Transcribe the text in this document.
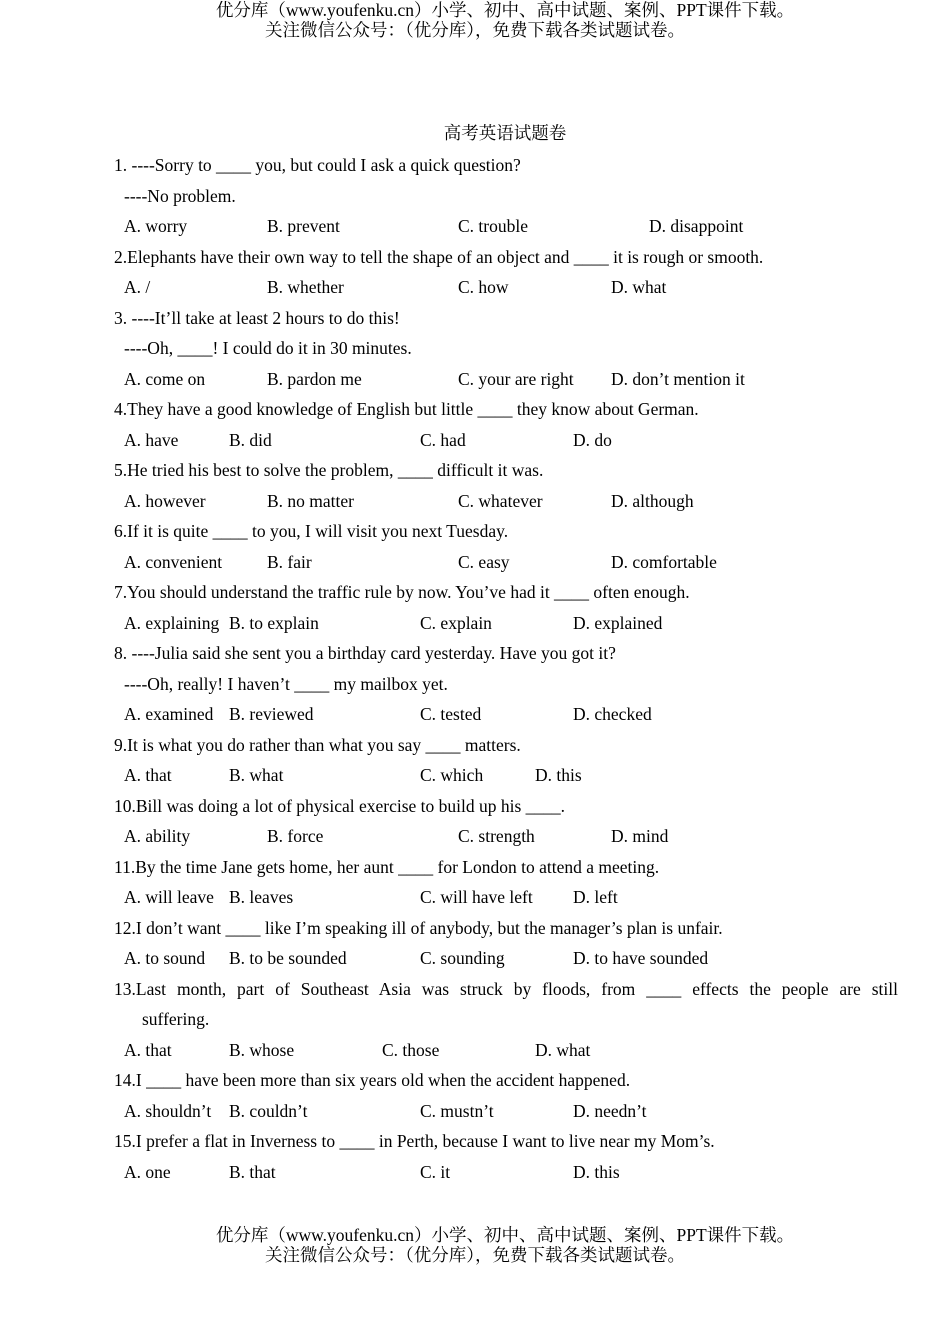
优分库（www.youfenku.cn）小学、初中、高中试题、案例、PPT课件下载。
关注微信公众号：（优分库），免费下载各类试题试卷。
高考英语试题卷
1. ----Sorry to ____ you, but could I ask a quick question?
----No problem.
A. worry	B. prevent	C. trouble	D. disappoint
2.Elephants have their own way to tell the shape of an object and ____ it is rough or smooth.
A. /	B. whether	C. how	D. what
3. ----It’ll take at least 2 hours to do this!
----Oh, ____! I could do it in 30 minutes.
A. come on	B. pardon me	C. your are right D. don’t mention it
4.They have a good knowledge of English but little ____ they know about German.
A. have	B. did	C. had	D. do
5.He tried his best to solve the problem, ____ difficult it was.
A. however	B. no matter	C. whatever	D. although
6.If it is quite ____ to you, I will visit you next Tuesday.
A. convenient	B. fair	C. easy	D. comfortable
7.You should understand the traffic rule by now. You’ve had it ____ often enough.
A. explaining B. to explain	C. explain	D. explained
8. ----Julia said she sent you a birthday card yesterday. Have you got it?
----Oh, really! I haven’t ____ my mailbox yet.
A. examined B. reviewed	C. tested	D. checked
9.It is what you do rather than what you say ____ matters.
A. that	B. what	C. which	D. this
10.Bill was doing a lot of physical exercise to build up his ____.
A. ability	B. force	C. strength	D. mind
11.By the time Jane gets home, her aunt ____ for London to attend a meeting.
A. will leave B. leaves	C. will have left D. left
12.I don’t want ____ like I’m speaking ill of anybody, but the manager’s plan is unfair.
A. to sound B. to be sounded	C. sounding	D. to have sounded
13.Last month, part of Southeast Asia was struck by floods, from ____ effects the people are still
suffering.
A. that	B. whose	C. those	D. what
14.I ____ have been more than six years old when the accident happened.
A. shouldn’t B. couldn’t	C. mustn’t	D. needn’t
15.I prefer a flat in Inverness to ____ in Perth, because I want to live near my Mom’s.
A. one	B. that	C. it	D. this
优分库（www.youfenku.cn）小学、初中、高中试题、案例、PPT课件下载。
关注微信公众号：（优分库），免费下载各类试题试卷。
